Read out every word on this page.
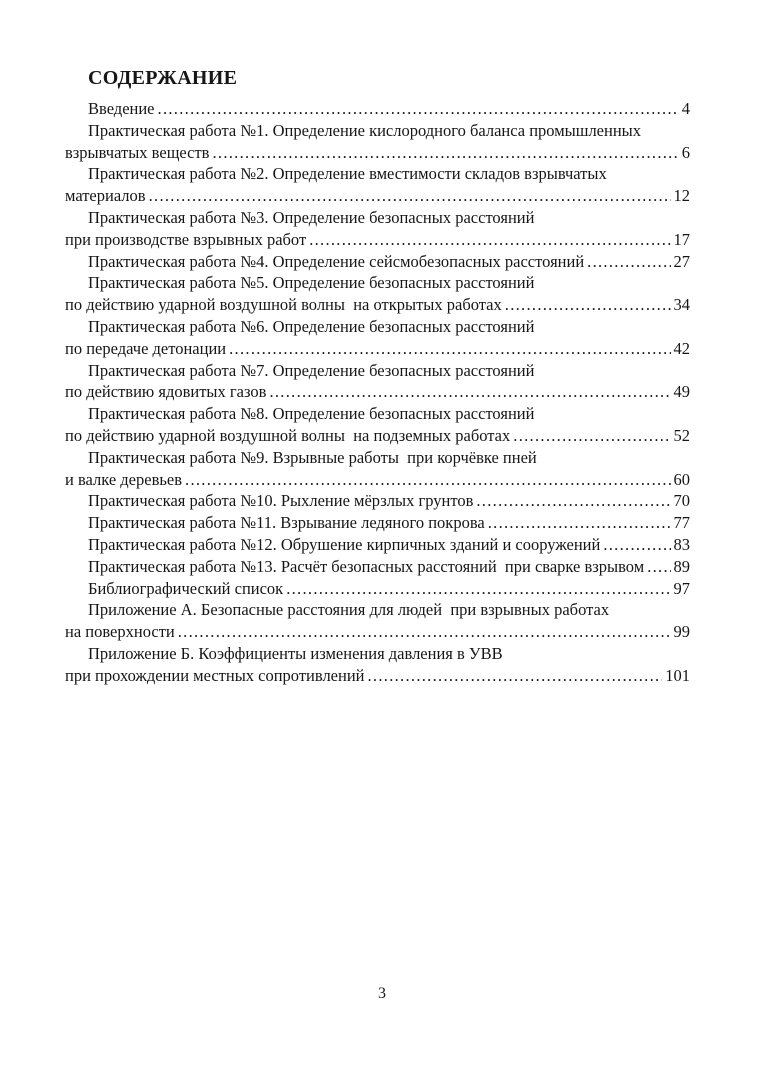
СОДЕРЖАНИЕ
Введение .....	4
Практическая работа №1. Определение кислородного баланса промышленных
взрывчатых веществ .....	6
Практическая работа №2. Определение вместимости складов взрывчатых
материалов .....	12
Практическая работа №3. Определение безопасных расстояний
при производстве взрывных работ .....	17
Практическая работа №4. Определение сейсмобезопасных расстояний .....	27
Практическая работа №5. Определение безопасных расстояний
по действию ударной воздушной волны  на открытых работах .....	34
Практическая работа №6. Определение безопасных расстояний
по передаче детонации .....	42
Практическая работа №7. Определение безопасных расстояний
по действию ядовитых газов .....	49
Практическая работа №8. Определение безопасных расстояний
по действию ударной воздушной волны  на подземных работах .....	52
Практическая работа №9. Взрывные работы  при корчёвке пней
и валке деревьев .....	60
Практическая работа №10. Рыхление мёрзлых грунтов .....	70
Практическая работа №11. Взрывание ледяного покрова .....	77
Практическая работа №12. Обрушение кирпичных зданий и сооружений .....	83
Практическая работа №13. Расчёт безопасных расстояний  при сварке взрывом ..... 89
Библиографический список .....	97
Приложение А. Безопасные расстояния для людей  при взрывных работах
на поверхности .....	99
Приложение Б. Коэффициенты изменения давления в УВВ
при прохождении местных сопротивлений .....	101
3
